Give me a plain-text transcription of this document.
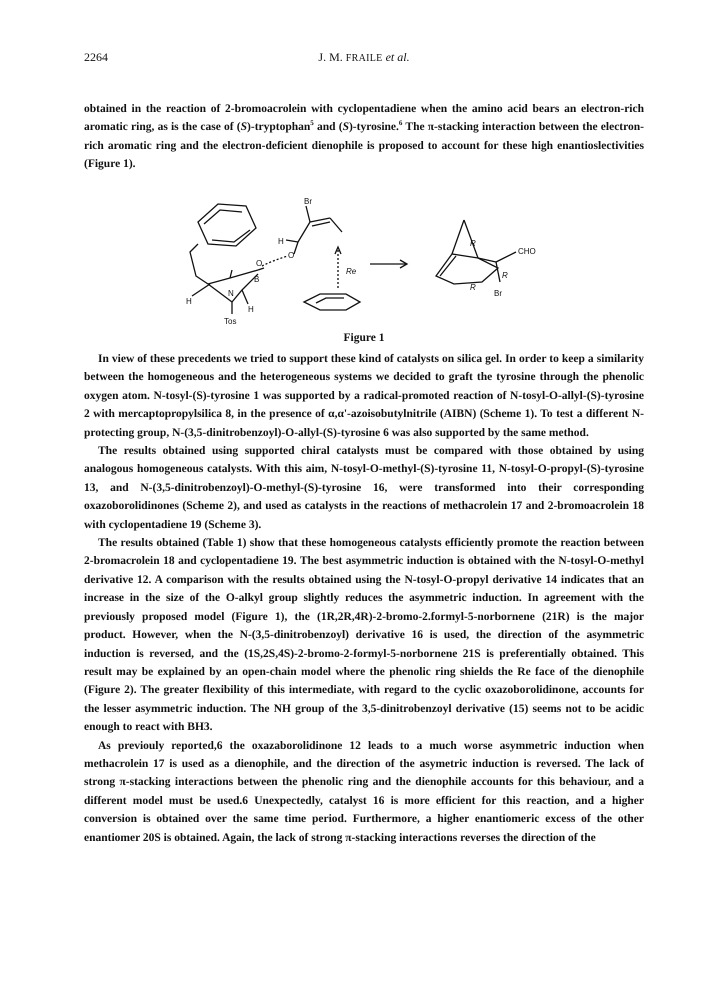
2264	J. M. FRAILE et al.

obtained in the reaction of 2-bromoacrolein with cyclopentadiene when the amino acid bears an electron-rich aromatic ring, as is the case of (S)-tryptophan$^5$ and (S)-tyrosine.$^6$ The π-stacking interaction between the electron-rich aromatic ring and the electron-deficient dienophile is proposed to account for these high enantioslectivities (Figure 1).

Br
H
O
O
B
N
H
H
Tos
Re
R
R
R
CHO
Br
Figure 1

In view of these precedents we tried to support these kind of catalysts on silica gel. In order to keep a similarity between the homogeneous and the heterogeneous systems we decided to graft the tyrosine through the phenolic oxygen atom. N-tosyl-(S)-tyrosine 1 was supported by a radical-promoted reaction of N-tosyl-O-allyl-(S)-tyrosine 2 with mercaptopropylsilica 8, in the presence of α,α'-azoisobutylnitrile (AIBN) (Scheme 1). To test a different N-protecting group, N-(3,5-dinitrobenzoyl)-O-allyl-(S)-tyrosine 6 was also supported by the same method.

The results obtained using supported chiral catalysts must be compared with those obtained by using analogous homogeneous catalysts. With this aim, N-tosyl-O-methyl-(S)-tyrosine 11, N-tosyl-O-propyl-(S)-tyrosine 13, and N-(3,5-dinitrobenzoyl)-O-methyl-(S)-tyrosine 16, were transformed into their corresponding oxazoborolidinones (Scheme 2), and used as catalysts in the reactions of methacrolein 17 and 2-bromoacrolein 18 with cyclopentadiene 19 (Scheme 3).

The results obtained (Table 1) show that these homogeneous catalysts efficiently promote the reaction between 2-bromacrolein 18 and cyclopentadiene 19. The best asymmetric induction is obtained with the N-tosyl-O-methyl derivative 12. A comparison with the results obtained using the N-tosyl-O-propyl derivative 14 indicates that an increase in the size of the O-alkyl group slightly reduces the asymmetric induction. In agreement with the previously proposed model (Figure 1), the (1R,2R,4R)-2-bromo-2.formyl-5-norbornene (21R) is the major product. However, when the N-(3,5-dinitrobenzoyl) derivative 16 is used, the direction of the asymmetric induction is reversed, and the (1S,2S,4S)-2-bromo-2-formyl-5-norbornene 21S is preferentially obtained. This result may be explained by an open-chain model where the phenolic ring shields the Re face of the dienophile (Figure 2). The greater flexibility of this intermediate, with regard to the cyclic oxazoborolidinone, accounts for the lesser asymmetric induction. The NH group of the 3,5-dinitrobenzoyl derivative (15) seems not to be acidic enough to react with BH3.

As previouly reported,6 the oxazaborolidinone 12 leads to a much worse asymmetric induction when methacrolein 17 is used as a dienophile, and the direction of the asymetric induction is reversed. The lack of strong π-stacking interactions between the phenolic ring and the dienophile accounts for this behaviour, and a different model must be used.6 Unexpectedly, catalyst 16 is more efficient for this reaction, and a higher conversion is obtained over the same time period. Furthermore, a higher enantiomeric excess of the other enantiomer 20S is obtained. Again, the lack of strong π-stacking interactions reverses the direction of the
